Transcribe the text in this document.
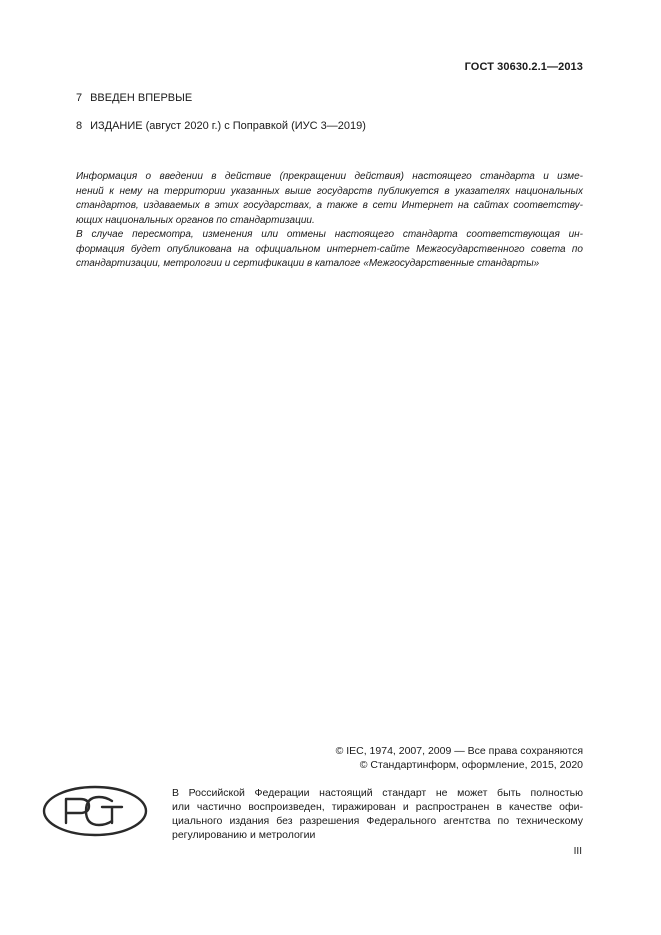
ГОСТ 30630.2.1—2013
7 ВВЕДЕН ВПЕРВЫЕ
8 ИЗДАНИЕ (август 2020 г.) с Поправкой (ИУС 3—2019)
Информация о введении в действие (прекращении действия) настоящего стандарта и изме-
нений к нему на территории указанных выше государств публикуется в указателях национальных
стандартов, издаваемых в этих государствах, а также в сети Интернет на сайтах соответству-
ющих национальных органов по стандартизации.
В случае пересмотра, изменения или отмены настоящего стандарта соответствующая ин-
формация будет опубликована на официальном интернет-сайте Межгосударственного совета по
стандартизации, метрологии и сертификации в каталоге «Межгосударственные стандарты»
© IEC, 1974, 2007, 2009 — Все права сохраняются
© Стандартинформ, оформление, 2015, 2020
В Российской Федерации настоящий стандарт не может быть полностью
или частично воспроизведен, тиражирован и распространен в качестве офи-
циального издания без разрешения Федерального агентства по техническому
регулированию и метрологии
III
